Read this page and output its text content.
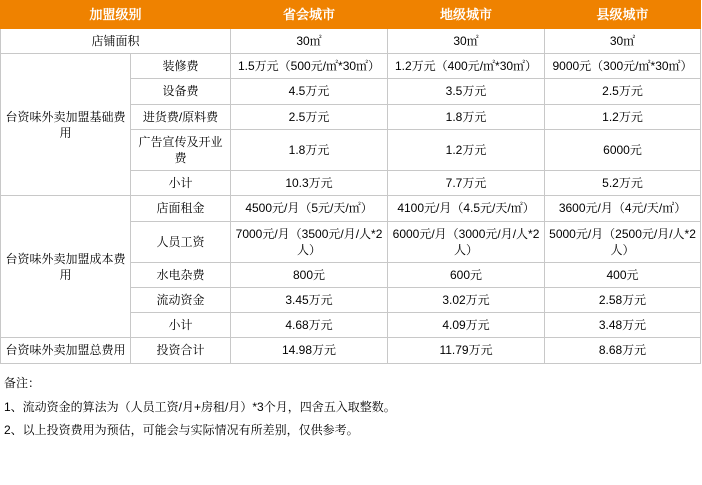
加盟级别		省会城市	地级城市	县级城市
店铺面积		30㎡	30㎡	30㎡
台资味外卖加盟基础费用	装修费	1.5万元（500元/㎡*30㎡）	1.2万元（400元/㎡*30㎡）	9000元（300元/㎡*30㎡）
	设备费	4.5万元	3.5万元	2.5万元
	进货费/原料费	2.5万元	1.8万元	1.2万元
	广告宣传及开业费	1.8万元	1.2万元	6000元
	小计	10.3万元	7.7万元	5.2万元
台资味外卖加盟成本费用	店面租金	4500元/月（5元/天/㎡）	4100元/月（4.5元/天/㎡）	3600元/月（4元/天/㎡）
	人员工资	7000元/月（3500元/月/人*2人）	6000元/月（3000元/月/人*2人）	5000元/月（2500元/月/人*2人）
	水电杂费	800元	600元	400元
	流动资金	3.45万元	3.02万元	2.58万元
	小计	4.68万元	4.09万元	3.48万元
台资味外卖加盟总费用	投资合计	14.98万元	11.79万元	8.68万元

备注：

1、流动资金的算法为（人员工资/月+房租/月）*3个月，四舍五入取整数。

2、以上投资费用为预估，可能会与实际情况有所差别，仅供参考。
